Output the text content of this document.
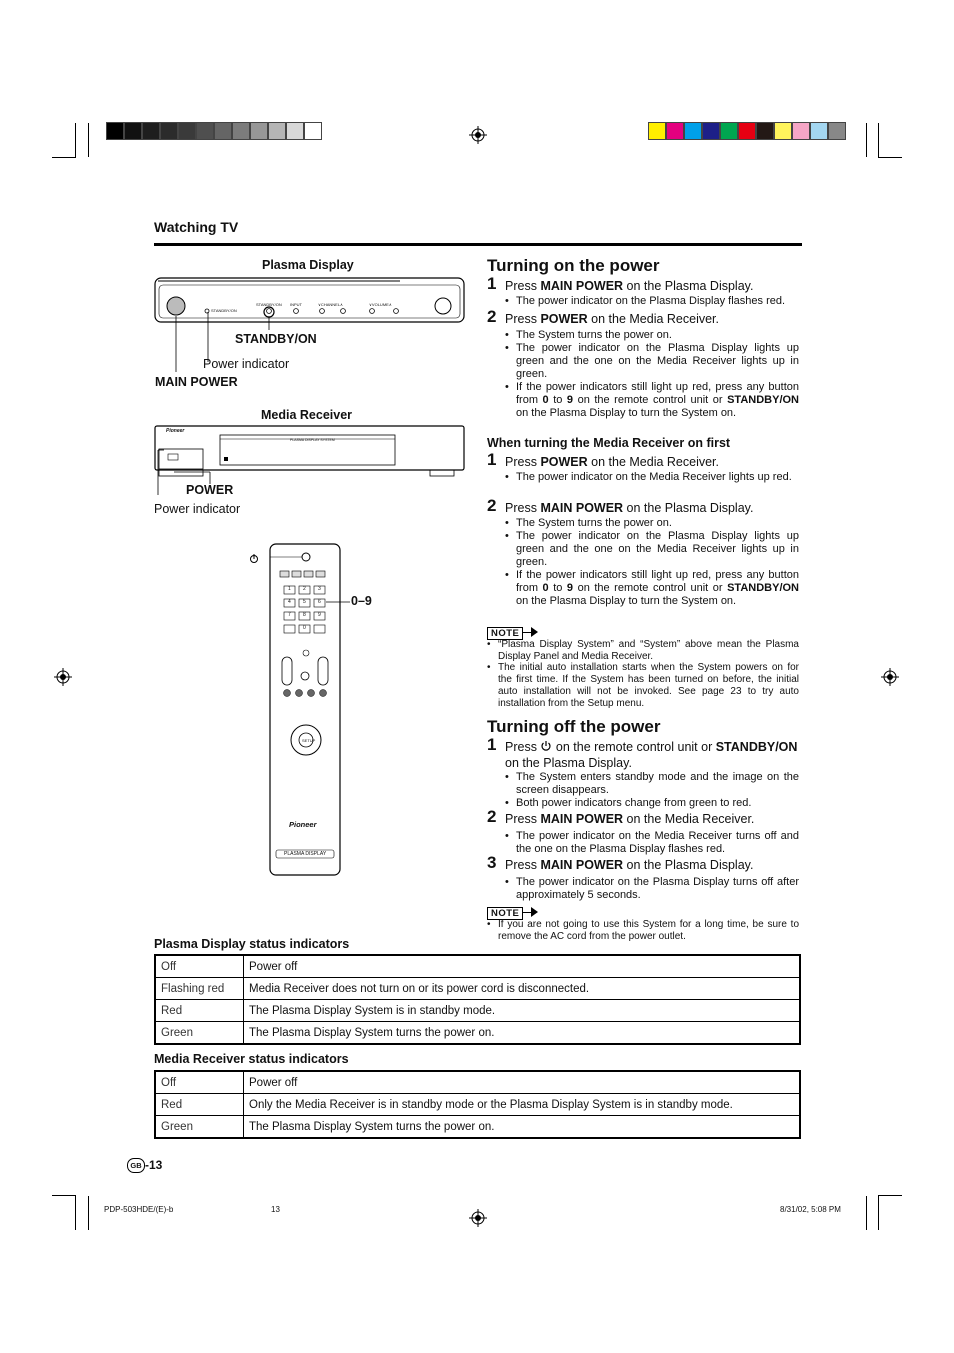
Watching TV
Plasma Display
STANDBY/ON
STANDBY/ON INPUT	∨CHANNEL∧	∨VOLUME∧
STANDBY/ON
Power indicator
MAIN POWER
Media Receiver
Pioneer
PLASMA DISPLAY SYSTEM
POWER
Power indicator
SETUP
Pioneer
PLASMA DISPLAY
1 2 3
4 5 6
7 8 9
0
0–9
Turning on the power
1 Press MAIN POWER on the Plasma Display.
• The power indicator on the Plasma Display flashes red.
2 Press POWER on the Media Receiver.
• The System turns the power on.
• The power indicator on the Plasma Display lights up green and the one on the Media Receiver lights up in green.
• If the power indicators still light up red, press any button from 0 to 9 on the remote control unit or STANDBY/ON on the Plasma Display to turn the System on.
When turning the Media Receiver on first
1 Press POWER on the Media Receiver.
• The power indicator on the Media Receiver lights up red.
2 Press MAIN POWER on the Plasma Display.
• The System turns the power on.
• The power indicator on the Plasma Display lights up green and the one on the Media Receiver lights up in green.
• If the power indicators still light up red, press any button from 0 to 9 on the remote control unit or STANDBY/ON on the Plasma Display to turn the System on.
NOTE
• “Plasma Display System” and “System” above mean the Plasma Display Panel and Media Receiver.
• The initial auto installation starts when the System powers on for the first time. If the System has been turned on before, the initial auto installation will not be invoked. See page 23 to try auto installation from the Setup menu.
Turning off the power
1 Press  on the remote control unit or STANDBY/ON on the Plasma Display.
• The System enters standby mode and the image on the screen disappears.
• Both power indicators change from green to red.
2 Press MAIN POWER on the Media Receiver.
• The power indicator on the Media Receiver turns off and the one on the Plasma Display flashes red.
3 Press MAIN POWER on the Plasma Display.
• The power indicator on the Plasma Display turns off after approximately 5 seconds.
NOTE
• If you are not going to use this System for a long time, be sure to remove the AC cord from the power outlet.
Plasma Display status indicators
Off	Power off
Flashing red	Media Receiver does not turn on or its power cord is disconnected.
Red	The Plasma Display System is in standby mode.
Green	The Plasma Display System turns the power on.
Media Receiver status indicators
Off	Power off
Red	Only the Media Receiver is in standby mode or the Plasma Display System is in standby mode.
Green	The Plasma Display System turns the power on.
GB -13
PDP-503HDE/(E)-b	13	8/31/02, 5:08 PM
